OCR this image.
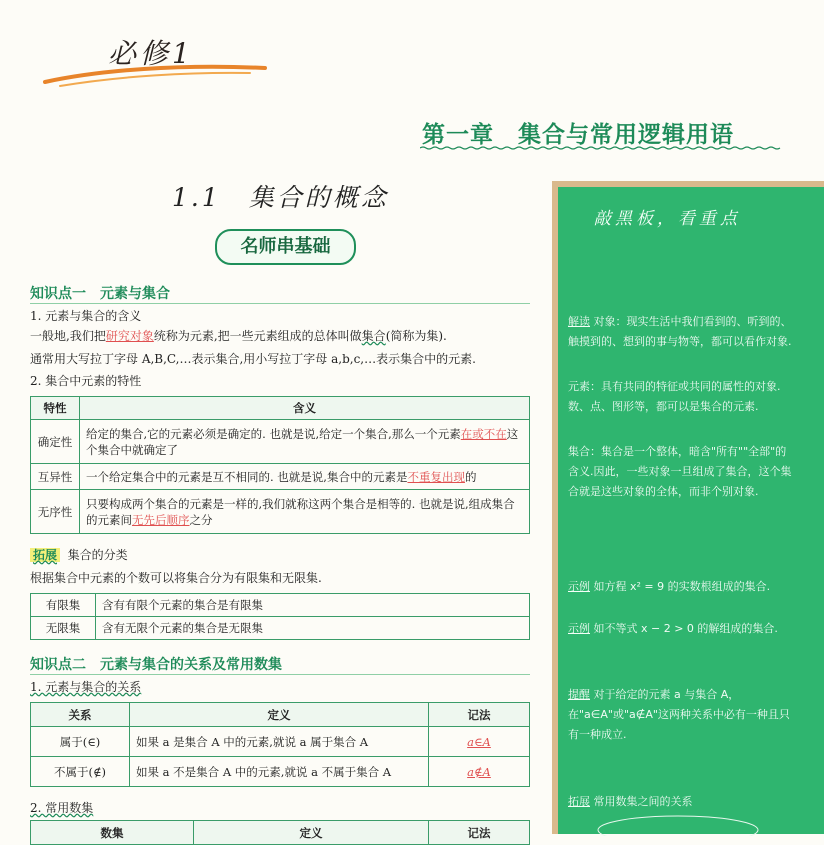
必修1
第一章　集合与常用逻辑用语
1.1　集合的概念
名师串基础
知识点一　元素与集合
1. 元素与集合的含义
一般地,我们把研究对象统称为元素,把一些元素组成的总体叫做集合(简称为集).
通常用大写拉丁字母 A,B,C,…表示集合,用小写拉丁字母 a,b,c,…表示集合中的元素.
2. 集合中元素的特性
特性	含义
确定性	给定的集合,它的元素必须是确定的. 也就是说,给定一个集合,那么一个元素在或不在这个集合中就确定了
互异性	一个给定集合中的元素是互不相同的. 也就是说,集合中的元素是不重复出现的
无序性	只要构成两个集合的元素是一样的,我们就称这两个集合是相等的. 也就是说,组成集合的元素间无先后顺序之分
拓展 集合的分类
根据集合中元素的个数可以将集合分为有限集和无限集.
有限集	含有有限个元素的集合是有限集
无限集	含有无限个元素的集合是无限集
知识点二　元素与集合的关系及常用数集
1. 元素与集合的关系
关系	定义	记法
属于(∈)	如果 a 是集合 A 中的元素,就说 a 属于集合 A	a∈A
不属于(∉)	如果 a 不是集合 A 中的元素,就说 a 不属于集合 A	a∉A
2. 常用数集
数集	定义	记法
敲黑板，看重点
解读 对象：现实生活中我们看到的、听到的、触摸到的、想到的事与物等，都可以看作对象.
元素：具有共同的特征或共同的属性的对象.数、点、图形等，都可以是集合的元素.
集合：集合是一个整体，暗含"所有""全部"的含义.因此，一些对象一旦组成了集合，这个集合就是这些对象的全体，而非个别对象.
示例 如方程 x² = 9 的实数根组成的集合.
示例 如不等式 x − 2 > 0 的解组成的集合.
提醒 对于给定的元素 a 与集合 A，在"a∈A"或"a∉A"这两种关系中必有一种且只有一种成立.
拓展 常用数集之间的关系
